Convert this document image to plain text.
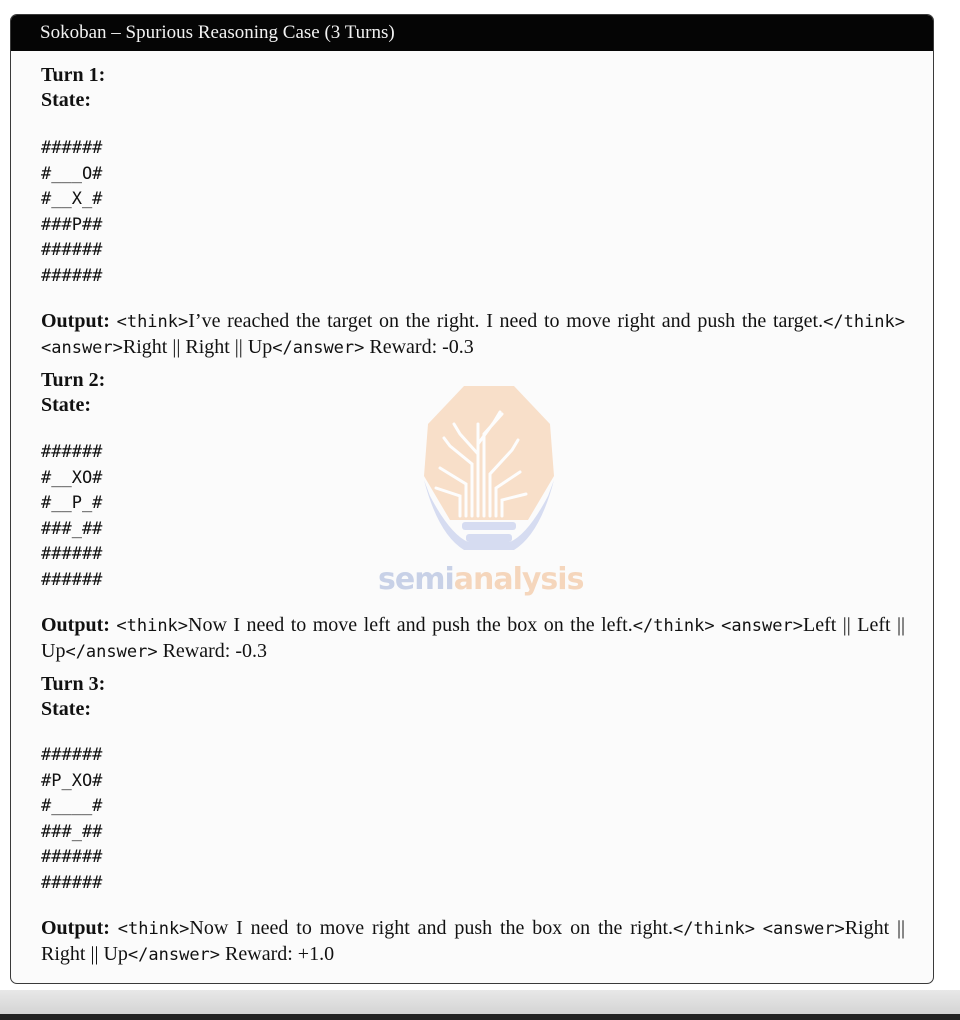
Sokoban – Spurious Reasoning Case (3 Turns)
Turn 1:
State:
######
#___O#
#__X_#
###P##
######
######
Output: <think>I’ve reached the target on the right. I need to move right and push the target.</think> <answer>Right || Right || Up</answer> Reward: -0.3
Turn 2:
State:
######
#__XO#
#__P_#
###_##
######
######
Output: <think>Now I need to move left and push the box on the left.</think> <answer>Left || Left || Up</answer> Reward: -0.3
Turn 3:
State:
######
#P_XO#
#____#
###_##
######
######
Output: <think>Now I need to move right and push the box on the right.</think> <answer>Right || Right || Up</answer> Reward: +1.0
semianalysis
